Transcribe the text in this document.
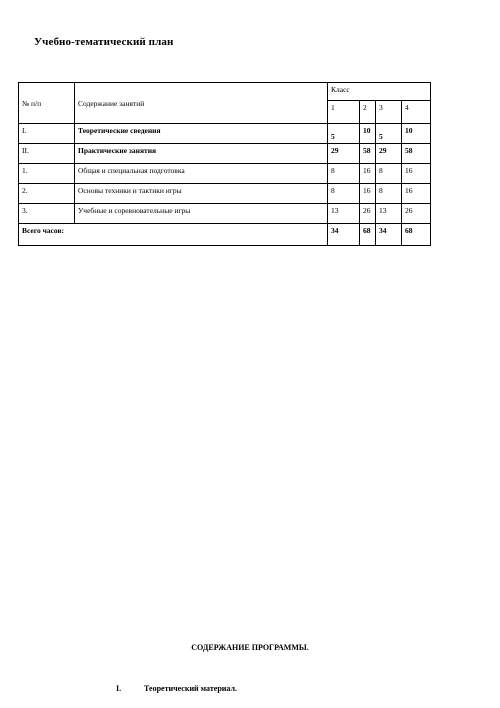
Учебно-тематический план
№ п/п	Содержание занятий	Класс			
		1	2	3	4
I.	Теоретические сведения	5	10	5	10
II.	Практические занятия	29	58	29	58
1.	Общая и специальная подготовка	8	16	8	16
2.	Основы техники и тактики игры	8	16	8	16
3.	Учебные и соревновательные игры	13	26	13	26
Всего часов:		34	68	34	68
СОДЕРЖАНИЕ ПРОГРАММЫ.
I.	Теоретический материал.
